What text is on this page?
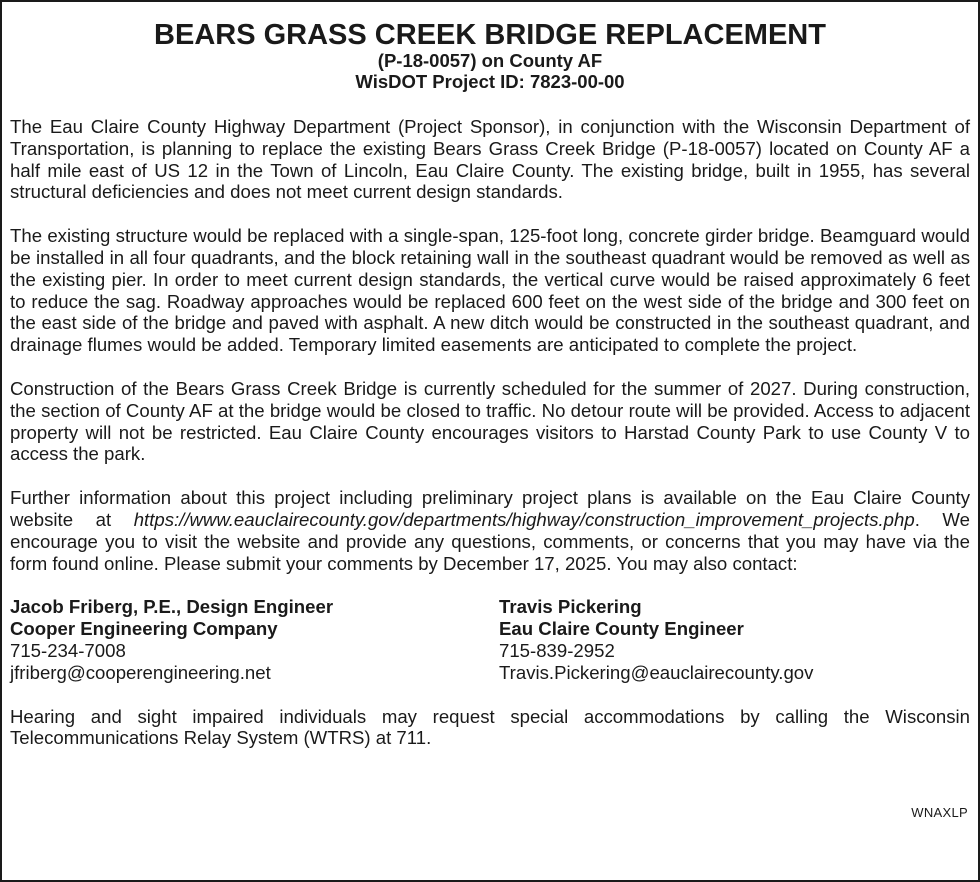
BEARS GRASS CREEK BRIDGE REPLACEMENT
(P-18-0057) on County AF
WisDOT Project ID: 7823-00-00

The Eau Claire County Highway Department (Project Sponsor), in conjunction with the Wisconsin Department of Transportation, is planning to replace the existing Bears Grass Creek Bridge (P-18-0057) located on County AF a half mile east of US 12 in the Town of Lincoln, Eau Claire County. The existing bridge, built in 1955, has several structural deficiencies and does not meet current design standards.

The existing structure would be replaced with a single-span, 125-foot long, concrete girder bridge. Beamguard would be installed in all four quadrants, and the block retaining wall in the southeast quadrant would be removed as well as the existing pier. In order to meet current design standards, the vertical curve would be raised approximately 6 feet to reduce the sag. Roadway approaches would be replaced 600 feet on the west side of the bridge and 300 feet on the east side of the bridge and paved with asphalt. A new ditch would be constructed in the southeast quadrant, and drainage flumes would be added. Temporary limited easements are anticipated to complete the project.

Construction of the Bears Grass Creek Bridge is currently scheduled for the summer of 2027. During construction, the section of County AF at the bridge would be closed to traffic. No detour route will be provided. Access to adjacent property will not be restricted. Eau Claire County encourages visitors to Harstad County Park to use County V to access the park.

Further information about this project including preliminary project plans is available on the Eau Claire County website at https://www.eauclairecounty.gov/departments/highway/construction_improvement_projects.php. We encourage you to visit the website and provide any questions, comments, or concerns that you may have via the form found online. Please submit your comments by December 17, 2025. You may also contact:

Jacob Friberg, P.E., Design Engineer
Cooper Engineering Company
715-234-7008
jfriberg@cooperengineering.net
Travis Pickering
Eau Claire County Engineer
715-839-2952
Travis.Pickering@eauclairecounty.gov

Hearing and sight impaired individuals may request special accommodations by calling the Wisconsin Telecommunications Relay System (WTRS) at 711.

WNAXLP
